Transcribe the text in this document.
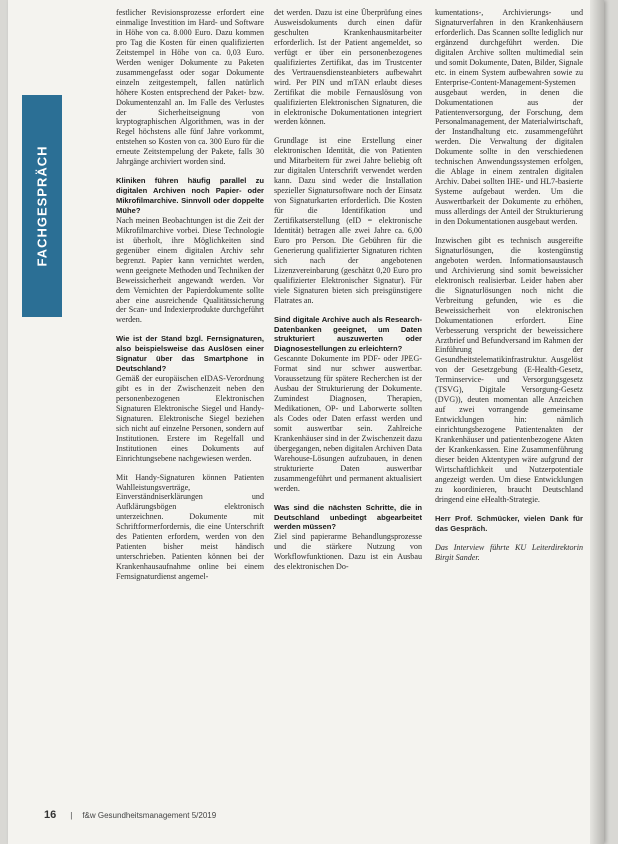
FACHGESPRÄCH

festlicher Revisionsprozesse erfordert eine einmalige Investition im Hard- und Software in Höhe von ca. 8.000 Euro. Dazu kommen pro Tag die Kosten für einen qualifizierten Zeitstempel in Höhe von ca. 0,03 Euro. Werden weniger Dokumente zu Paketen zusammengefasst oder sogar Dokumente einzeln zeitgestempelt, fallen natürlich höhere Kosten entsprechend der Paket- bzw. Dokumentenzahl an. Im Falle des Verlustes der Sicherheitseignung von kryptographischen Algorithmen, was in der Regel höchstens alle fünf Jahre vorkommt, entstehen so Kosten von ca. 300 Euro für die erneute Zeitstempelung der Pakete, falls 30 Jahrgänge archiviert worden sind.

Kliniken führen häufig parallel zu digitalen Archiven noch Papier- oder Mikrofilmarchive. Sinnvoll oder doppelte Mühe?

Nach meinen Beobachtungen ist die Zeit der Mikrofilmarchive vorbei. Diese Technologie ist überholt, ihre Möglichkeiten sind gegenüber einem digitalen Archiv sehr begrenzt. Papier kann vernichtet werden, wenn geeignete Methoden und Techniken der Beweissicherheit angewandt werden. Vor dem Vernichten der Papierdokumente sollte aber eine ausreichende Qualitätssicherung der Scan- und Indexierprodukte durchgeführt werden.

Wie ist der Stand bzgl. Fernsignaturen, also beispielsweise das Auslösen einer Signatur über das Smartphone in Deutschland?

Gemäß der europäischen eIDAS-Verordnung gibt es in der Zwischenzeit neben den personenbezogenen Elektronischen Signaturen Elektronische Siegel und Handy-Signaturen. Elektronische Siegel beziehen sich nicht auf einzelne Personen, sondern auf Institutionen. Erstere im Regelfall und Institutionen eines Dokuments auf Einrichtungsebene nachgewiesen werden.

Mit Handy-Signaturen können Patienten Wahlleistungsverträge, Einverständniserklärungen und Aufklärungsbögen elektronisch unterzeichnen. Dokumente mit Schriftformerfordernis, die eine Unterschrift des Patienten erfordern, werden von den Patienten bisher meist händisch unterschrieben. Patienten können bei der Krankenhausaufnahme online bei einem Fernsignaturdienst angemel-

det werden. Dazu ist eine Überprüfung eines Ausweisdokuments durch einen dafür geschulten Krankenhausmitarbeiter erforderlich. Ist der Patient angemeldet, so verfügt er über ein personenbezogenes qualifiziertes Zertifikat, das im Trustcenter des Vertrauensdiensteanbieters aufbewahrt wird. Per PIN und mTAN erlaubt dieses Zertifikat die mobile Fernauslösung von qualifizierten Elektronischen Signaturen, die in elektronische Dokumentationen integriert werden können.

Grundlage ist eine Erstellung einer elektronischen Identität, die von Patienten und Mitarbeitern für zwei Jahre beliebig oft zur digitalen Unterschrift verwendet werden kann. Dazu sind weder die Installation spezieller Signatursoftware noch der Einsatz von Signaturkarten erforderlich. Die Kosten für die Identifikation und Zertifikatserstellung (eID = elektronische Identität) betragen alle zwei Jahre ca. 6,00 Euro pro Person. Die Gebühren für die Generierung qualifizierter Signaturen richten sich nach der angebotenen Lizenzvereinbarung (geschätzt 0,20 Euro pro qualifizierter Elektronischer Signatur). Für viele Signaturen bieten sich preisgünstigere Flatrates an.

Sind digitale Archive auch als Research-Datenbanken geeignet, um Daten strukturiert auszuwerten oder Diagnosestellungen zu erleichtern?

Gescannte Dokumente im PDF- oder JPEG-Format sind nur schwer auswertbar. Voraussetzung für spätere Recherchen ist der Ausbau der Strukturierung der Dokumente. Zumindest Diagnosen, Therapien, Medikationen, OP- und Laborwerte sollten als Codes oder Daten erfasst werden und somit auswertbar sein. Zahlreiche Krankenhäuser sind in der Zwischenzeit dazu übergegangen, neben digitalen Archiven Data Warehouse-Lösungen aufzubauen, in denen strukturierte Daten auswertbar zusammengeführt und permanent aktualisiert werden.

Was sind die nächsten Schritte, die in Deutschland unbedingt abgearbeitet werden müssen?

Ziel sind papierarme Behandlungsprozesse und die stärkere Nutzung von Workflowfunktionen. Dazu ist ein Ausbau des elektronischen Do-

kumentations-, Archivierungs- und Signaturverfahren in den Krankenhäusern erforderlich. Das Scannen sollte lediglich nur ergänzend durchgeführt werden. Die digitalen Archive sollten multimedial sein und somit Dokumente, Daten, Bilder, Signale etc. in einem System aufbewahren sowie zu Enterprise-Content-Management-Systemen ausgebaut werden, in denen die Dokumentationen aus der Patientenversorgung, der Forschung, dem Personalmanagement, der Materialwirtschaft, der Instandhaltung etc. zusammengeführt werden. Die Verwaltung der digitalen Dokumente sollte in den verschiedenen technischen Anwendungssystemen erfolgen, die Ablage in einem zentralen digitalen Archiv. Dabei sollten IHE- und HL7-basierte Systeme aufgebaut werden. Um die Auswertbarkeit der Dokumente zu erhöhen, muss allerdings der Anteil der Strukturierung in den Dokumentationen ausgebaut werden.

Inzwischen gibt es technisch ausgereifte Signaturlösungen, die kostengünstig angeboten werden. Informationsaustausch und Archivierung sind somit beweissicher elektronisch realisierbar. Leider haben aber die Signaturlösungen noch nicht die Verbreitung gefunden, wie es die Beweissicherheit von elektronischen Dokumentationen erfordert. Eine Verbesserung verspricht der beweissichere Arztbrief und Befundversand im Rahmen der Einführung der Gesundheitstelematikinfrastruktur. Ausgelöst von der Gesetzgebung (E-Health-Gesetz, Terminservice- und Versorgungsgesetz (TSVG), Digitale Versorgung-Gesetz (DVG)), deuten momentan alle Anzeichen auf zwei vorrangende gemeinsame Entwicklungen hin: nämlich einrichtungsbezogene Patientenakten der Krankenhäuser und patientenbezogene Akten der Krankenkassen. Eine Zusammenführung dieser beiden Aktentypen wäre aufgrund der Wirtschaftlichkeit und Nutzerpotentiale angezeigt werden. Um diese Entwicklungen zu koordinieren, braucht Deutschland dringend eine eHealth-Strategie.

Herr Prof. Schmücker, vielen Dank für das Gespräch.

Das Interview führte KU Leiterdirektorin Birgit Sander.

16 | f&w Gesundheitsmanagement 5/2019
